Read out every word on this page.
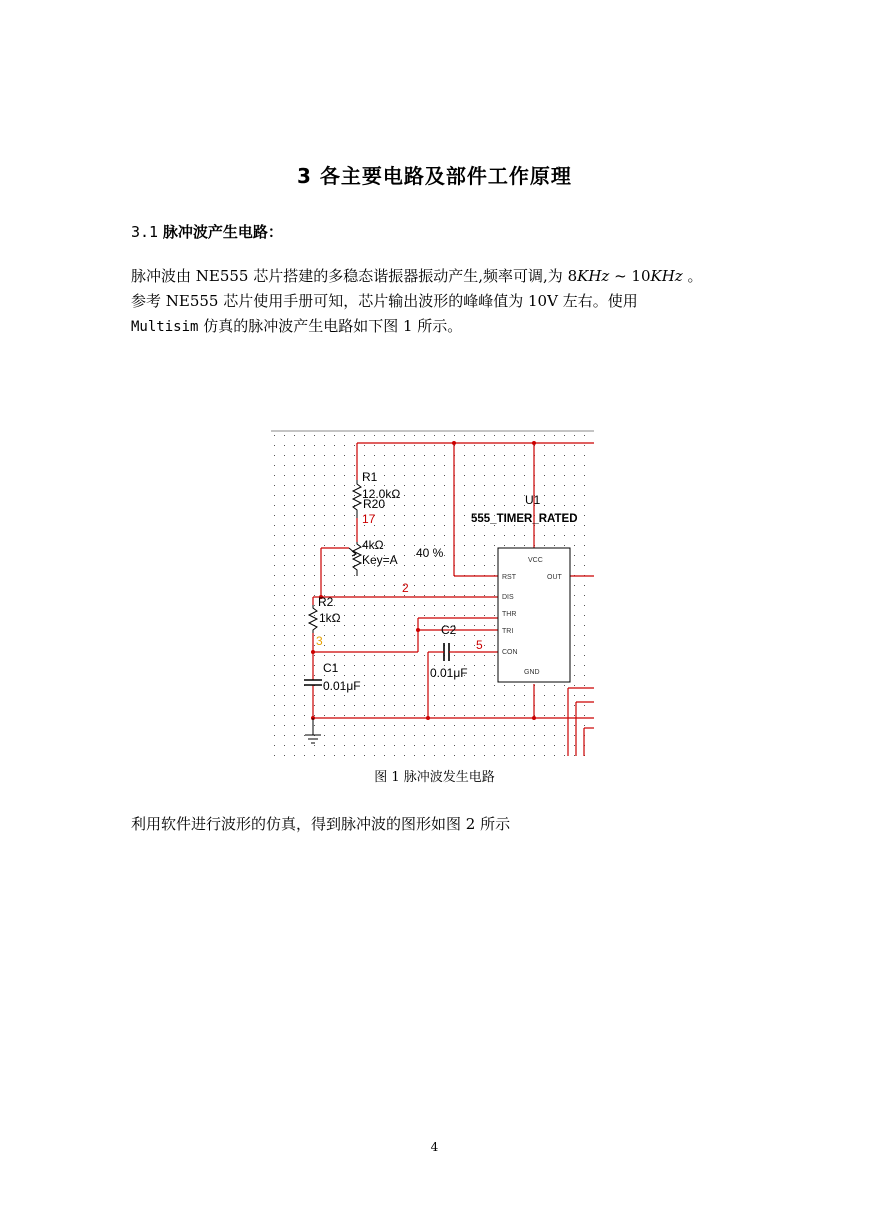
3 各主要电路及部件工作原理
3.1 脉冲波产生电路：
脉冲波由 NE555 芯片搭建的多稳态谐振器振动产生,频率可调,为 8KHz ~ 10KHz 。
参考 NE555 芯片使用手册可知，芯片输出波形的峰峰值为 10V 左右。使用
Multisim 仿真的脉冲波产生电路如下图 1 所示。
VCC
RST	OUT
DIS
THR
TRI
CON
GND
R1
12.0kΩ
R20
17
4kΩ
Key=A 40 %
U1
555_TIMER_RATED
2
R2
1kΩ
3
C2
5
0.01μF
C1
0.01μF
图 1 脉冲波发生电路
利用软件进行波形的仿真，得到脉冲波的图形如图 2 所示
4
